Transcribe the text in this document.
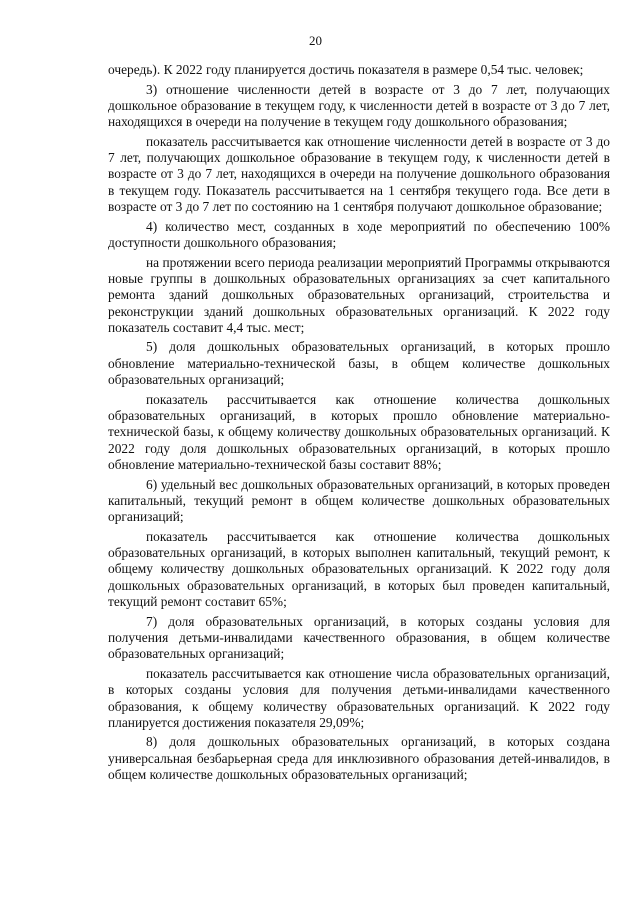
20

очередь). К 2022 году планируется достичь показателя в размере 0,54 тыс. человек;

3) отношение численности детей в возрасте от 3 до 7 лет, получающих дошкольное образование в текущем году, к численности детей в возрасте от 3 до 7 лет, находящихся в очереди на получение в текущем году дошкольного образования;

показатель рассчитывается как отношение численности детей в возрасте от 3 до 7 лет, получающих дошкольное образование в текущем году, к численности детей в возрасте от 3 до 7 лет, находящихся в очереди на получение дошкольного образования в текущем году. Показатель рассчитывается на 1 сентября текущего года. Все дети в возрасте от 3 до 7 лет по состоянию на 1 сентября получают дошкольное образование;

4) количество мест, созданных в ходе мероприятий по обеспечению 100% доступности дошкольного образования;

на протяжении всего периода реализации мероприятий Программы открываются новые группы в дошкольных образовательных организациях за счет капитального ремонта зданий дошкольных образовательных организаций, строительства и реконструкции зданий дошкольных образовательных организаций. К 2022 году показатель составит 4,4 тыс. мест;

5) доля дошкольных образовательных организаций, в которых прошло обновление материально-технической базы, в общем количестве дошкольных образовательных организаций;

показатель рассчитывается как отношение количества дошкольных образовательных организаций, в которых прошло обновление материально-технической базы, к общему количеству дошкольных образовательных организаций. К 2022 году доля дошкольных образовательных организаций, в которых прошло обновление материально-технической базы составит 88%;

6) удельный вес дошкольных образовательных организаций, в которых проведен капитальный, текущий ремонт в общем количестве дошкольных образовательных организаций;

показатель рассчитывается как отношение количества дошкольных образовательных организаций, в которых выполнен капитальный, текущий ремонт, к общему количеству дошкольных образовательных организаций. К 2022 году доля дошкольных образовательных организаций, в которых был проведен капитальный, текущий ремонт составит 65%;

7) доля образовательных организаций, в которых созданы условия для получения детьми-инвалидами качественного образования, в общем количестве образовательных организаций;

показатель рассчитывается как отношение числа образовательных организаций, в которых созданы условия для получения детьми-инвалидами качественного образования, к общему количеству образовательных организаций. К 2022 году планируется достижения показателя 29,09%;

8) доля дошкольных образовательных организаций, в которых создана универсальная безбарьерная среда для инклюзивного образования детей-инвалидов, в общем количестве дошкольных образовательных организаций;
